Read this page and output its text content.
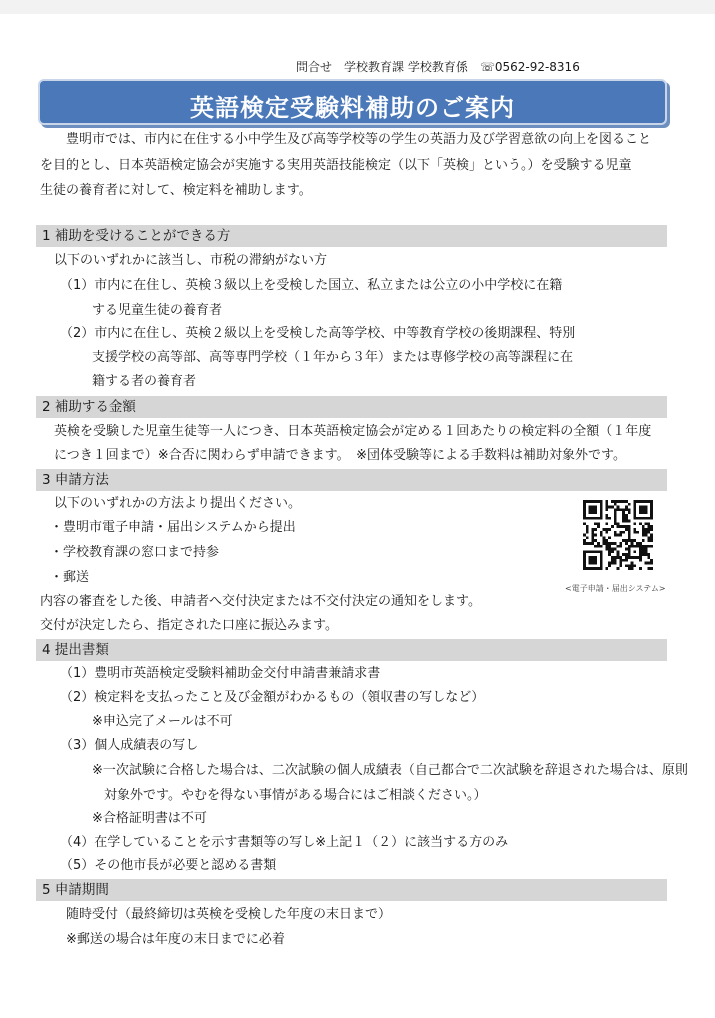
問合せ　学校教育課 学校教育係　☏0562-92-8316
英語検定受験料補助のご案内
豊明市では、市内に在住する小中学生及び高等学校等の学生の英語力及び学習意欲の向上を図ること
を目的とし、日本英語検定協会が実施する実用英語技能検定（以下「英検」という。）を受験する児童
生徒の養育者に対して、検定料を補助します。
1 補助を受けることができる方
以下のいずれかに該当し、市税の滞納がない方
（1）市内に在住し、英検３級以上を受検した国立、私立または公立の小中学校に在籍
する児童生徒の養育者
（2）市内に在住し、英検２級以上を受検した高等学校、中等教育学校の後期課程、特別
支援学校の高等部、高等専門学校（１年から３年）または専修学校の高等課程に在
籍する者の養育者
2 補助する金額
英検を受験した児童生徒等一人につき、日本英語検定協会が定める１回あたりの検定料の全額（１年度
につき１回まで）※合否に関わらず申請できます。　※団体受験等による手数料は補助対象外です。
3 申請方法
以下のいずれかの方法より提出ください。
・豊明市電子申請・届出システムから提出
・学校教育課の窓口まで持参
・郵送
内容の審査をした後、申請者へ交付決定または不交付決定の通知をします。
交付が決定したら、指定された口座に振込みます。
<電子申請・届出システム>
4 提出書類
（1）豊明市英語検定受験料補助金交付申請書兼請求書
（2）検定料を支払ったこと及び金額がわかるもの（領収書の写しなど）
※申込完了メールは不可
（3）個人成績表の写し
※一次試験に合格した場合は、二次試験の個人成績表（自己都合で二次試験を辞退された場合は、原則
対象外です。やむを得ない事情がある場合にはご相談ください。）
※合格証明書は不可
（4）在学していることを示す書類等の写し※上記１（２）に該当する方のみ
（5）その他市長が必要と認める書類
5 申請期間
随時受付（最終締切は英検を受検した年度の末日まで）
※郵送の場合は年度の末日までに必着
